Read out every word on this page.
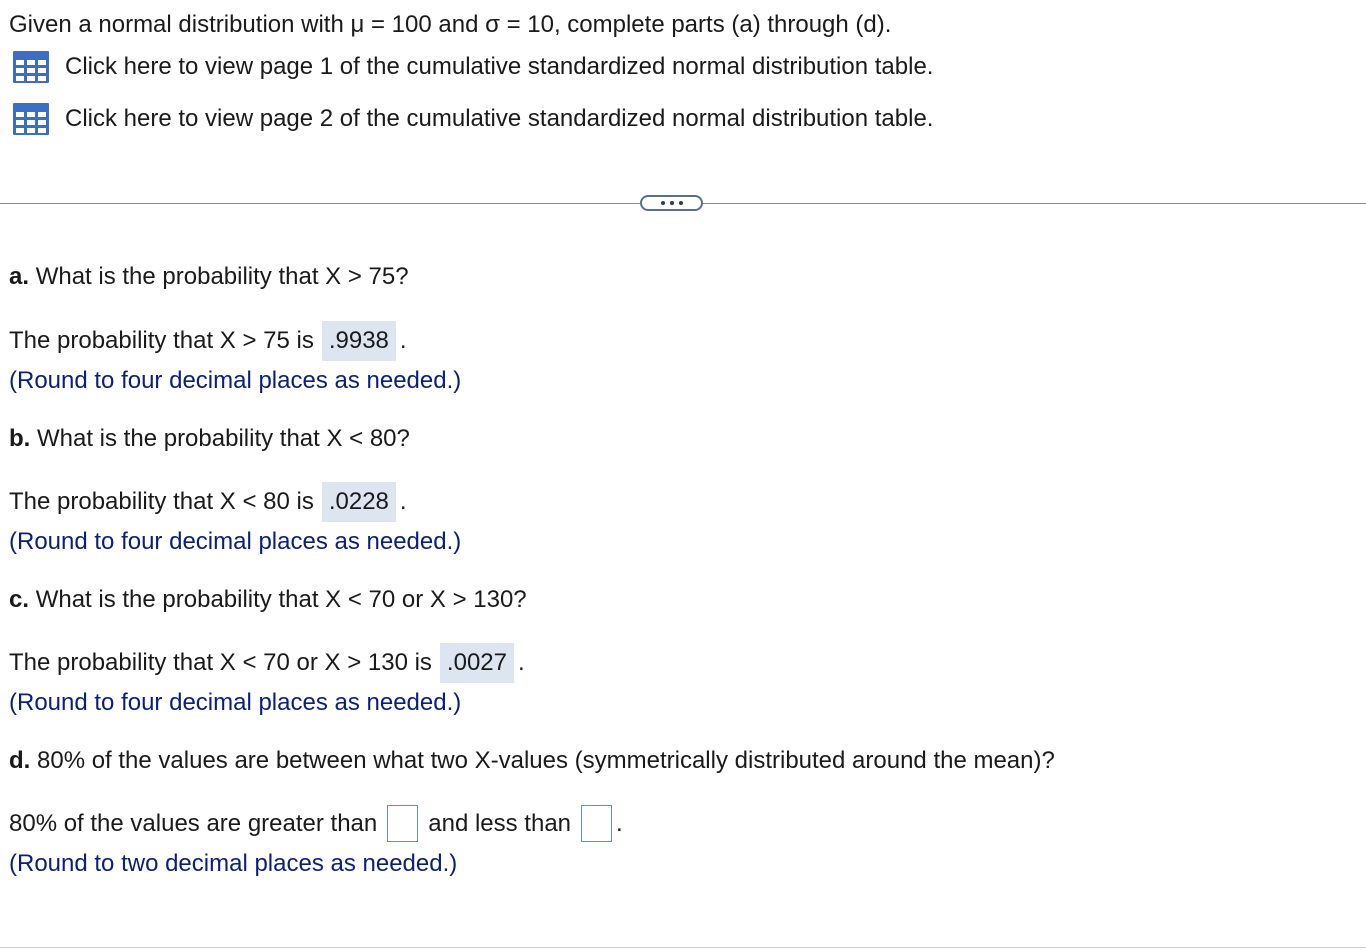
Given a normal distribution with μ = 100 and σ = 10, complete parts (a) through (d).
Click here to view page 1 of the cumulative standardized normal distribution table.
Click here to view page 2 of the cumulative standardized normal distribution table.
a. What is the probability that X > 75?
The probability that X > 75 is .9938 .
(Round to four decimal places as needed.)
b. What is the probability that X < 80?
The probability that X < 80 is .0228 .
(Round to four decimal places as needed.)
c. What is the probability that X < 70 or X > 130?
The probability that X < 70 or X > 130 is .0027 .
(Round to four decimal places as needed.)
d. 80% of the values are between what two X-values (symmetrically distributed around the mean)?
80% of the values are greater than and less than .
(Round to two decimal places as needed.)
